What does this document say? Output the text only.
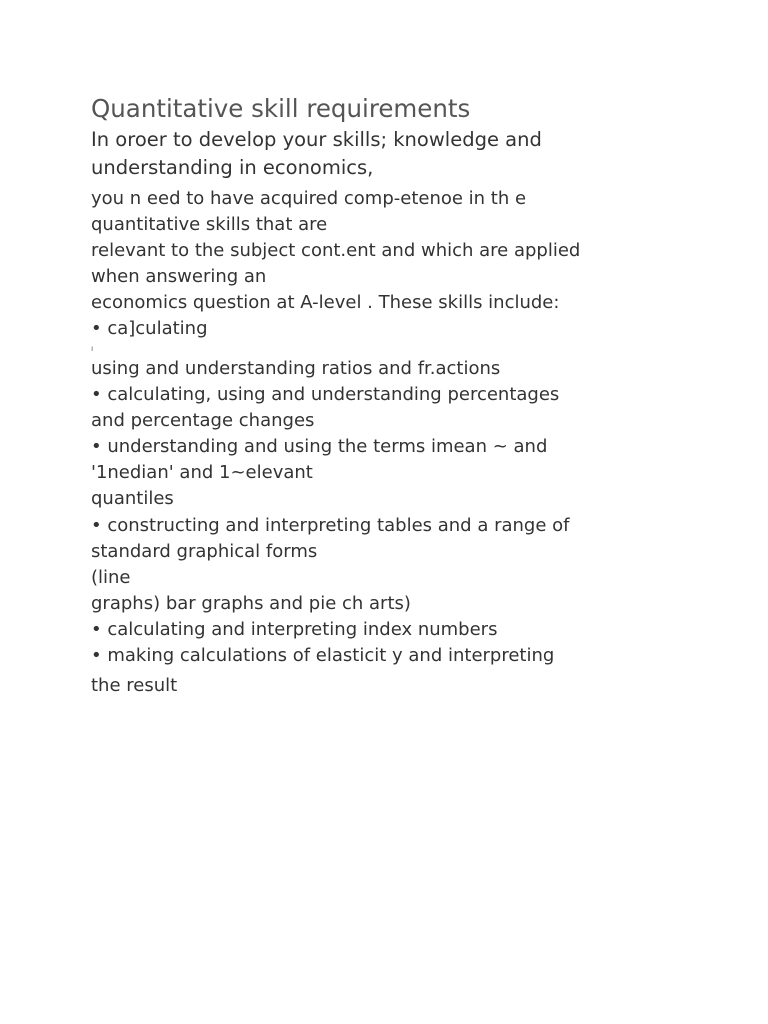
Quantitative skill requirements
In oroer to develop your skills; knowledge and
understanding in economics,
you n eed to have acquired comp-etenoe in th e
quantitative skills that are
relevant to the subject cont.ent and which are applied
when answering an
economics question at A-level . These skills include:
• ca]culating
ı
using and understanding ratios and fr.actions
• calculating, using and understanding percentages
and percentage changes
• understanding and using the terms imean ~ and
'1nedian' and 1~elevant
quantiles
• constructing and interpreting tables and a range of
standard graphical forms
(line
graphs) bar graphs and pie ch arts)
• calculating and interpreting index numbers
• making calculations of elasticit y and interpreting
the result
